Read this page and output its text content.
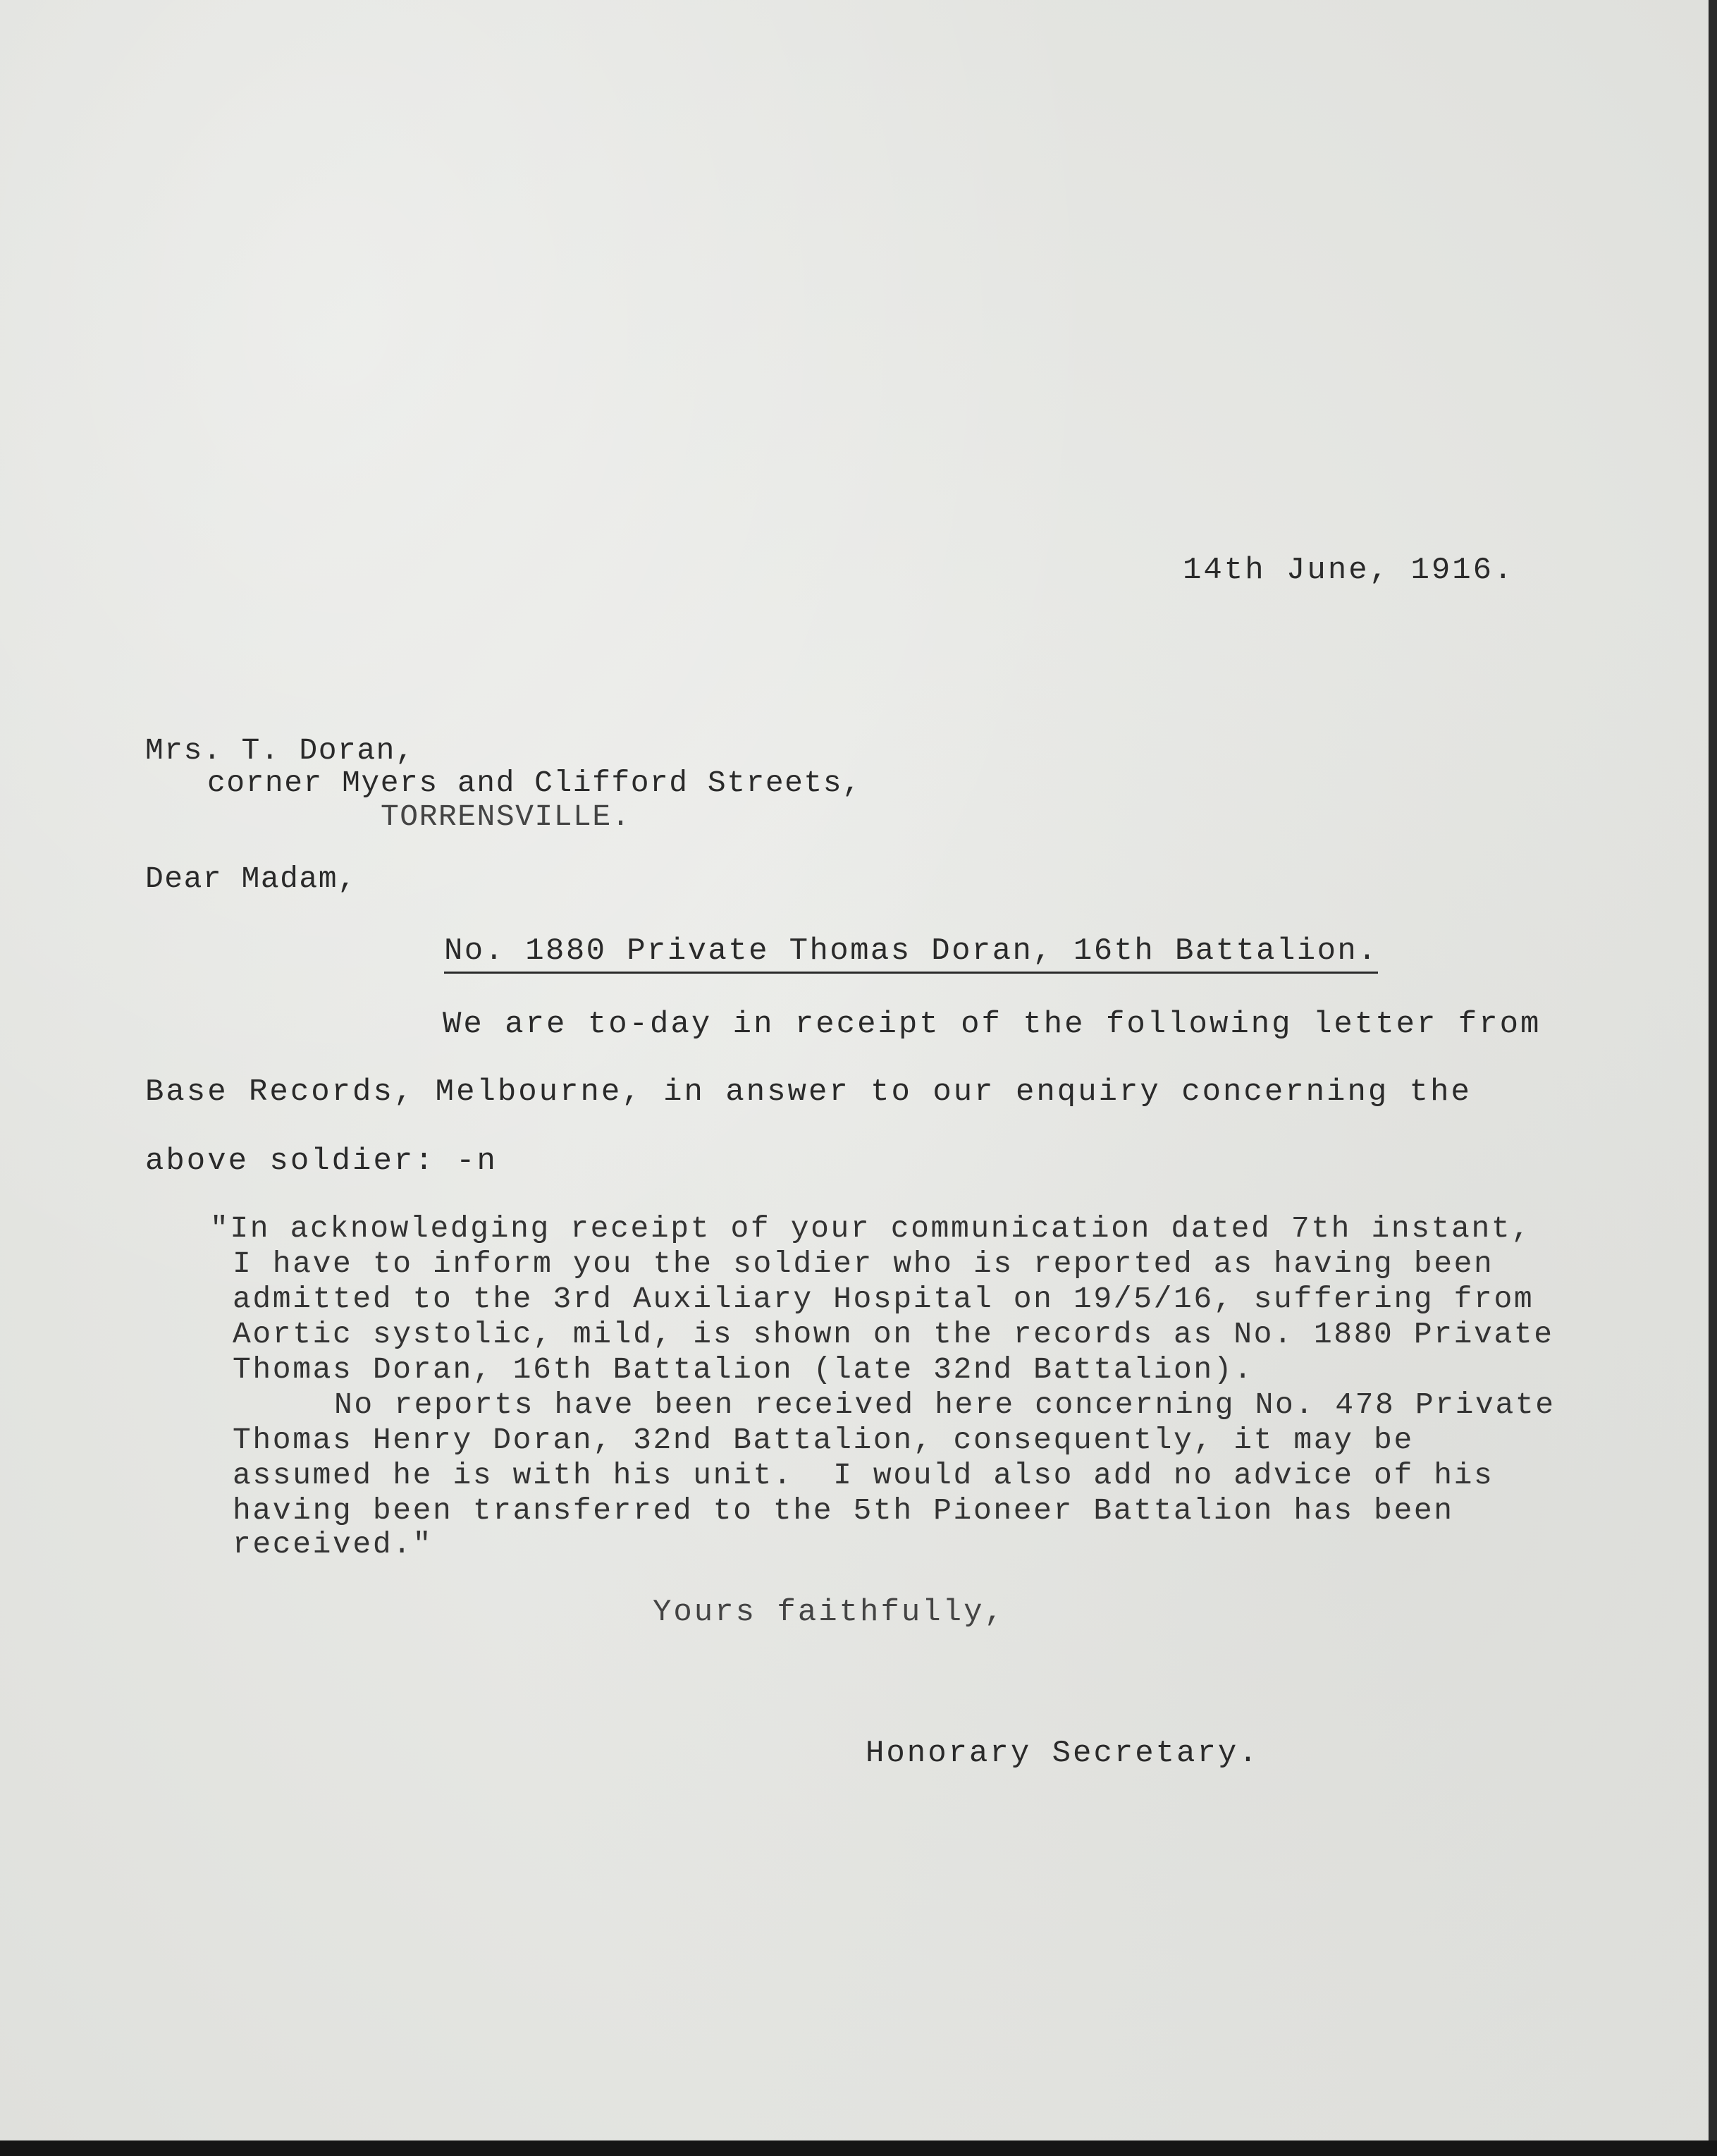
14th June, 1916.
Mrs. T. Doran,
corner Myers and Clifford Streets,
TORRENSVILLE.
Dear Madam,
No. 1880 Private Thomas Doran, 16th Battalion.
We are to-day in receipt of the following letter from
Base Records, Melbourne, in answer to our enquiry concerning the
above soldier: -n
"In acknowledging receipt of your communication dated 7th instant,
I have to inform you the soldier who is reported as having been
admitted to the 3rd Auxiliary Hospital on 19/5/16, suffering from
Aortic systolic, mild, is shown on the records as No. 1880 Private
Thomas Doran, 16th Battalion (late 32nd Battalion).
No reports have been received here concerning No. 478 Private
Thomas Henry Doran, 32nd Battalion, consequently, it may be
assumed he is with his unit.  I would also add no advice of his
having been transferred to the 5th Pioneer Battalion has been
received."
Yours faithfully,
Honorary Secretary.
